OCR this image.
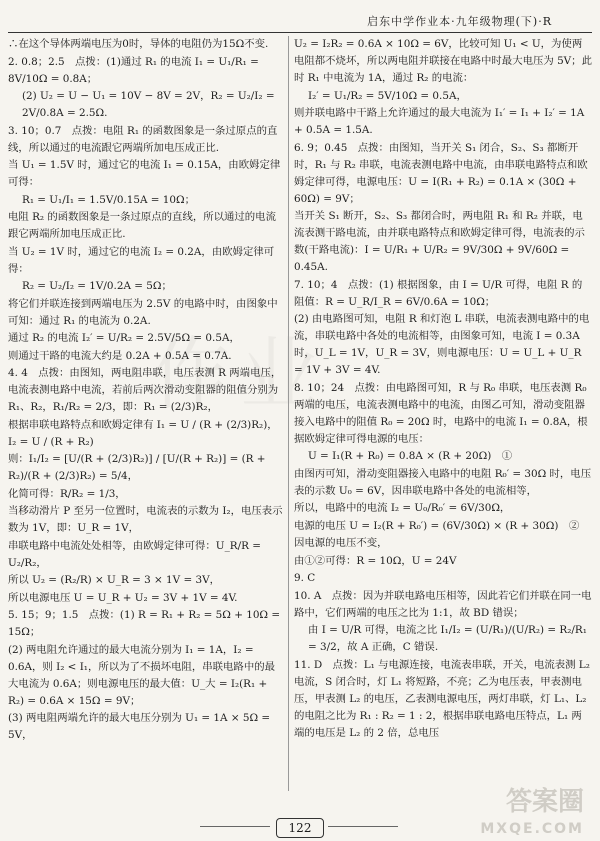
启东中学作业本·九年级物理(下)·R

∴在这个导体两端电压为0时，导体的电阻仍为15Ω不变.

2. 0.8；2.5　点拨：(1)通过 R₁ 的电流 I₁ = U₁/R₁ = 8V/10Ω = 0.8A；

(2) U₂ = U − U₁ = 10V − 8V = 2V，R₂ = U₂/I₂ = 2V/0.8A = 2.5Ω.

3. 10；0.7　点拨：电阻 R₁ 的函数图象是一条过原点的直线，所以通过的电流跟它两端所加电压成正比.

当 U₁ = 1.5V 时，通过它的电流 I₁ = 0.15A，由欧姆定律可得：

R₁ = U₁/I₁ = 1.5V/0.15A = 10Ω；

电阻 R₂ 的函数图象是一条过原点的直线，所以通过的电流跟它两端所加电压成正比.

当 U₂ = 1V 时，通过它的电流 I₂ = 0.2A，由欧姆定律可得：

R₂ = U₂/I₂ = 1V/0.2A = 5Ω；

将它们并联连接到两端电压为 2.5V 的电路中时，由图象中可知：通过 R₁ 的电流为 0.2A.

通过 R₂ 的电流 I₂′ = U/R₂ = 2.5V/5Ω = 0.5A，

则通过干路的电流大约是 0.2A + 0.5A = 0.7A.

4. 4　点拨：由图知，两电阻串联，电压表测 R 两端电压，电流表测电路中电流，若前后两次滑动变阻器的阻值分别为 R₁、R₂，R₁/R₂ = 2/3，即：R₁ = (2/3)R₂，

根据串联电路特点和欧姆定律有 I₁ = U / (R + (2/3)R₂)，I₂ = U / (R + R₂)

则：I₁/I₂ = [U/(R + (2/3)R₂)] / [U/(R + R₂)] = (R + R₂)/(R + (2/3)R₂) = 5/4，

化简可得：R/R₂ = 1/3，

当移动滑片 P 至另一位置时，电流表的示数为 I₂，电压表示数为 1V，即：U_R = 1V，

串联电路中电流处处相等，由欧姆定律可得：U_R/R = U₂/R₂，

所以 U₂ = (R₂/R) × U_R = 3 × 1V = 3V，

所以电源电压 U = U_R + U₂ = 3V + 1V = 4V.

5. 15；9；1.5　点拨：(1) R = R₁ + R₂ = 5Ω + 10Ω = 15Ω；

(2) 两电阻允许通过的最大电流分别为 I₁ = 1A，I₂ = 0.6A，则 I₂ < I₁，所以为了不损坏电阻，串联电路中的最大电流为 0.6A；则电源电压的最大值：U_大 = I₂(R₁ + R₂) = 0.6A × 15Ω = 9V；

(3) 两电阻两端允许的最大电压分别为 U₁ = 1A × 5Ω = 5V，

U₂ = I₂R₂ = 0.6A × 10Ω = 6V，比较可知 U₁ < U，为使两电阻都不烧坏，所以两电阻并联接在电路中时最大电压为 5V；此时 R₁ 中电流为 1A，通过 R₂ 的电流：

I₂′ = U₁/R₂ = 5V/10Ω = 0.5A，

则并联电路中干路上允许通过的最大电流为 I₁′ = I₁ + I₂′ = 1A + 0.5A = 1.5A.

6. 9；0.45　点拨：由图知，当开关 S₁ 闭合，S₂、S₃ 都断开时，R₁ 与 R₂ 串联，电流表测电路中电流，由串联电路特点和欧姆定律可得，电源电压：U = I(R₁ + R₂) = 0.1A × (30Ω + 60Ω) = 9V；

当开关 S₁ 断开，S₂、S₃ 都闭合时，两电阻 R₁ 和 R₂ 并联，电流表测干路电流，由并联电路特点和欧姆定律可得，电流表的示数(干路电流)：I = U/R₁ + U/R₂ = 9V/30Ω + 9V/60Ω = 0.45A.

7. 10；4　点拨：(1) 根据图象，由 I = U/R 可得，电阻 R 的阻值：R = U_R/I_R = 6V/0.6A = 10Ω；

(2) 由电路图可知，电阻 R 和灯泡 L 串联，电流表测电路中的电流，串联电路中各处的电流相等，由图象可知，电流 I = 0.3A 时，U_L = 1V，U_R = 3V，则电源电压：U = U_L + U_R = 1V + 3V = 4V.

8. 10；24　点拨：由电路图可知，R 与 R₀ 串联，电压表测 R₀ 两端的电压，电流表测电路中的电流，由图乙可知，滑动变阻器接入电路中的阻值 R₀ = 20Ω 时，电路中的电流 I₁ = 0.8A，根据欧姆定律可得电源的电压：

U = I₁(R + R₀) = 0.8A × (R + 20Ω)　①

由图丙可知，滑动变阻器接入电路中的电阻 R₀′ = 30Ω 时，电压表的示数 U₀ = 6V，因串联电路中各处的电流相等，

所以，电路中的电流 I₂ = U₀/R₀′ = 6V/30Ω，

电源的电压 U = I₂(R + R₀′) = (6V/30Ω) × (R + 30Ω)　②

因电源的电压不变，

由①②可得：R = 10Ω，U = 24V

9. C

10. A　点拨：因为并联电路电压相等，因此若它们并联在同一电路中，它们两端的电压之比为 1:1，故 BD 错误；

由 I = U/R 可得，电流之比 I₁/I₂ = (U/R₁)/(U/R₂) = R₂/R₁ = 3/2，故 A 正确，C 错误.

11. D　点拨：L₁ 与电源连接，电流表串联，开关，电流表测 L₂ 电流，S 闭合时，灯 L₁ 将短路，不亮；乙为电压表，甲表测电压，甲表测 L₂ 的电压，乙表测电源电压，两灯串联，灯 L₁、L₂ 的电阻之比为 R₁ : R₂ = 1 : 2，根据串联电路电压特点，L₁ 两端的电压是 L₂ 的 2 倍，总电压

122
答案圈
MXQE.COM
